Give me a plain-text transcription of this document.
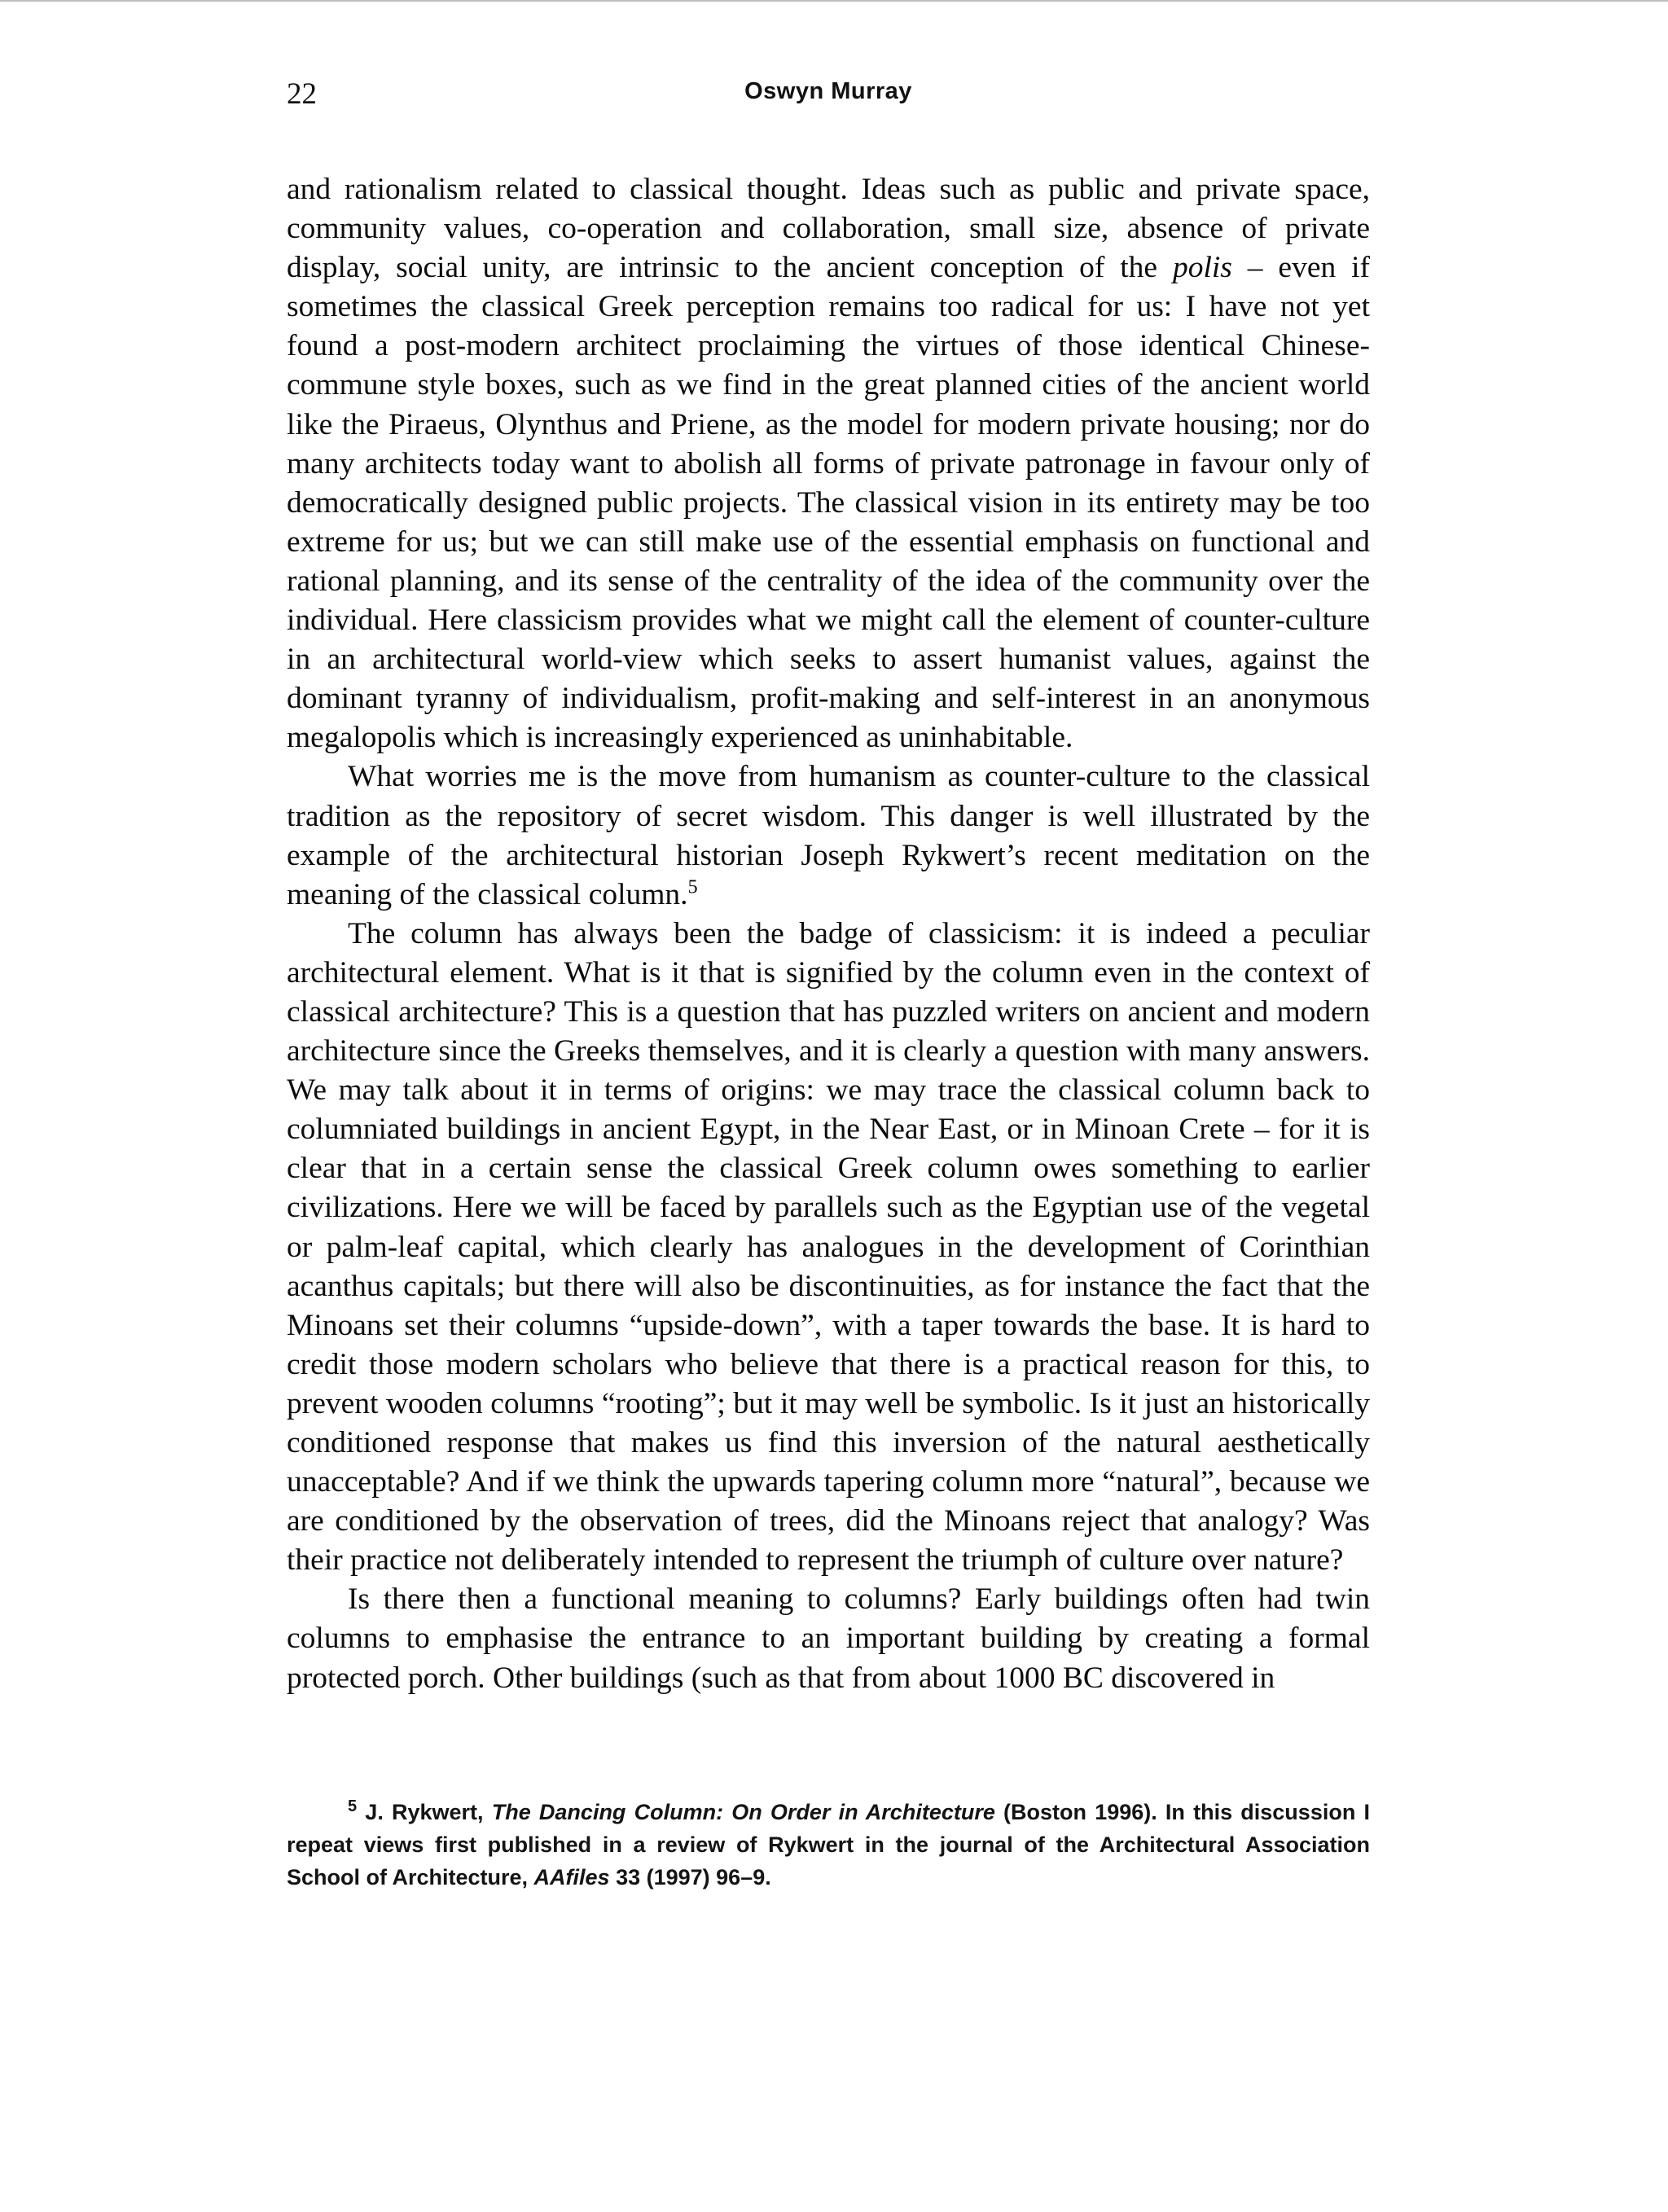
22	Oswyn Murray

and rationalism related to classical thought. Ideas such as public and private space, community values, co-operation and collaboration, small size, absence of private display, social unity, are intrinsic to the ancient conception of the polis – even if sometimes the classical Greek perception remains too radical for us: I have not yet found a post-modern architect proclaiming the virtues of those identical Chinese-commune style boxes, such as we find in the great planned cities of the ancient world like the Piraeus, Olynthus and Priene, as the model for modern private housing; nor do many architects today want to abolish all forms of private patronage in favour only of democratically designed public projects. The classical vision in its entirety may be too extreme for us; but we can still make use of the essential emphasis on functional and rational planning, and its sense of the centrality of the idea of the community over the individual. Here classicism provides what we might call the element of counter-culture in an architectural world-view which seeks to assert humanist values, against the dominant tyranny of individualism, profit-making and self-interest in an anonymous megalopolis which is increasingly experienced as uninhabitable.

What worries me is the move from humanism as counter-culture to the classical tradition as the repository of secret wisdom. This danger is well illustrated by the example of the architectural historian Joseph Rykwert’s recent meditation on the meaning of the classical column.$^5$

The column has always been the badge of classicism: it is indeed a peculiar architectural element. What is it that is signified by the column even in the context of classical architecture? This is a question that has puzzled writers on ancient and modern architecture since the Greeks themselves, and it is clearly a question with many answers. We may talk about it in terms of origins: we may trace the classical column back to columniated buildings in ancient Egypt, in the Near East, or in Minoan Crete – for it is clear that in a certain sense the classical Greek column owes something to earlier civilizations. Here we will be faced by parallels such as the Egyptian use of the vegetal or palm-leaf capital, which clearly has analogues in the development of Corinthian acanthus capitals; but there will also be discontinuities, as for instance the fact that the Minoans set their columns “upside-down”, with a taper towards the base. It is hard to credit those modern scholars who believe that there is a practical reason for this, to prevent wooden columns “rooting”; but it may well be symbolic. Is it just an historically conditioned response that makes us find this inversion of the natural aesthetically unacceptable? And if we think the upwards tapering column more “natural”, because we are conditioned by the observation of trees, did the Minoans reject that analogy? Was their practice not deliberately intended to represent the triumph of culture over nature?

Is there then a functional meaning to columns? Early buildings often had twin columns to emphasise the entrance to an important building by creating a formal protected porch. Other buildings (such as that from about 1000 BC discovered in

$^5$ J. Rykwert, The Dancing Column: On Order in Architecture (Boston 1996). In this discussion I repeat views first published in a review of Rykwert in the journal of the Architectural Association School of Architecture, AAfiles 33 (1997) 96–9.
